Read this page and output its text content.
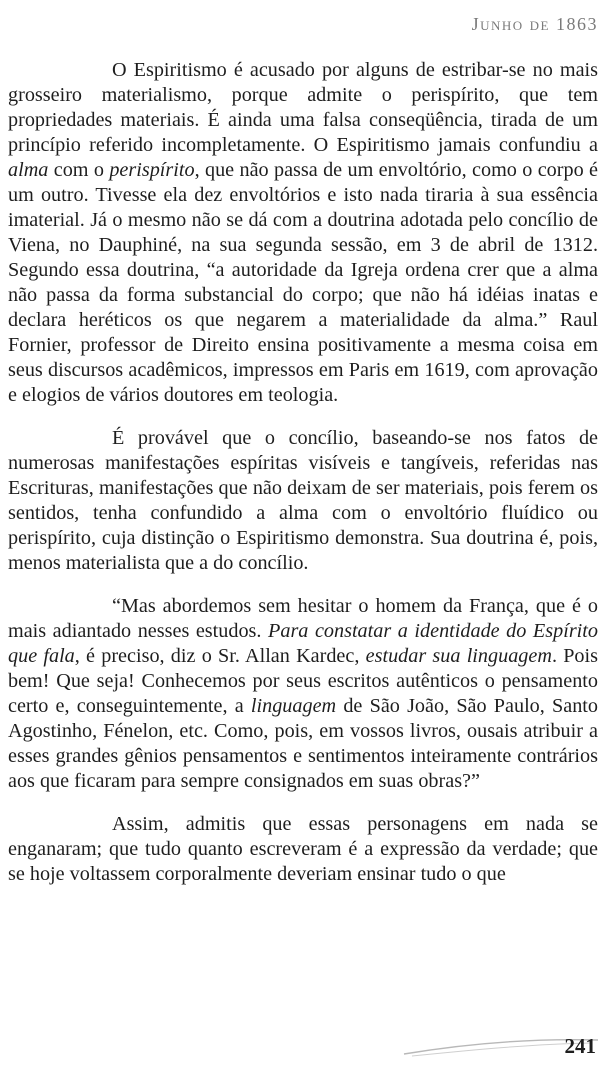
Junho de 1863

O Espiritismo é acusado por alguns de estribar-se no mais grosseiro materialismo, porque admite o perispírito, que tem propriedades materiais. É ainda uma falsa conseqüência, tirada de um princípio referido incompletamente. O Espiritismo jamais confundiu a alma com o perispírito, que não passa de um envoltório, como o corpo é um outro. Tivesse ela dez envoltórios e isto nada tiraria à sua essência imaterial. Já o mesmo não se dá com a doutrina adotada pelo concílio de Viena, no Dauphiné, na sua segunda sessão, em 3 de abril de 1312. Segundo essa doutrina, “a autoridade da Igreja ordena crer que a alma não passa da forma substancial do corpo; que não há idéias inatas e declara heréticos os que negarem a materialidade da alma.” Raul Fornier, professor de Direito ensina positivamente a mesma coisa em seus discursos acadêmicos, impressos em Paris em 1619, com aprovação e elogios de vários doutores em teologia.

É provável que o concílio, baseando-se nos fatos de numerosas manifestações espíritas visíveis e tangíveis, referidas nas Escrituras, manifestações que não deixam de ser materiais, pois ferem os sentidos, tenha confundido a alma com o envoltório fluídico ou perispírito, cuja distinção o Espiritismo demonstra. Sua doutrina é, pois, menos materialista que a do concílio.

“Mas abordemos sem hesitar o homem da França, que é o mais adiantado nesses estudos. Para constatar a identidade do Espírito que fala, é preciso, diz o Sr. Allan Kardec, estudar sua linguagem. Pois bem! Que seja! Conhecemos por seus escritos autênticos o pensamento certo e, conseguintemente, a linguagem de São João, São Paulo, Santo Agostinho, Fénelon, etc. Como, pois, em vossos livros, ousais atribuir a esses grandes gênios pensamentos e sentimentos inteiramente contrários aos que ficaram para sempre consignados em suas obras?”

Assim, admitis que essas personagens em nada se enganaram; que tudo quanto escreveram é a expressão da verdade; que se hoje voltassem corporalmente deveriam ensinar tudo o que

241
